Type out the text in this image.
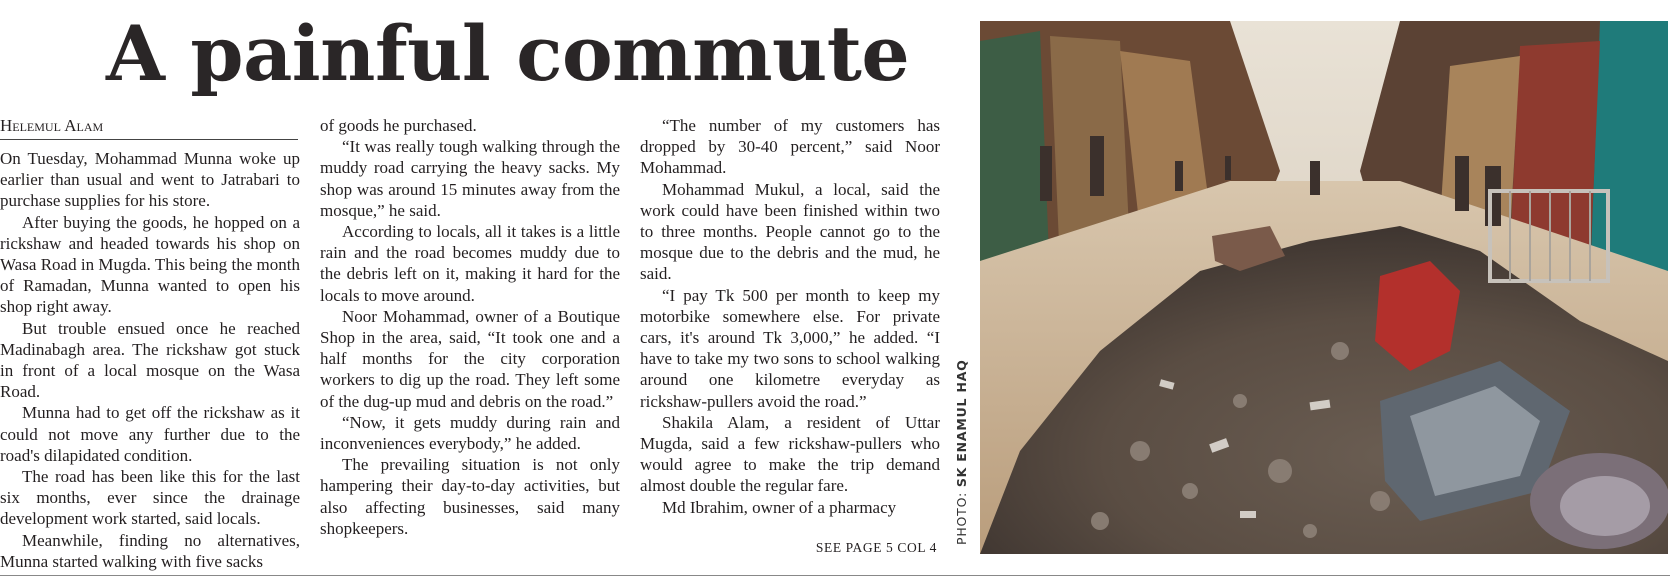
A painful commute
Helemul Alam

On Tuesday, Mohammad Munna woke up earlier than usual and went to Jatrabari to purchase supplies for his store.

After buying the goods, he hopped on a rickshaw and headed towards his shop on Wasa Road in Mugda. This being the month of Ramadan, Munna wanted to open his shop right away.

But trouble ensued once he reached Madinabagh area. The rickshaw got stuck in front of a local mosque on the Wasa Road.

Munna had to get off the rickshaw as it could not move any further due to the road's dilapidated condition.

The road has been like this for the last six months, ever since the drainage development work started, said locals.

Meanwhile, finding no alternatives, Munna started walking with five sacks

of goods he purchased.

“It was really tough walking through the muddy road carrying the heavy sacks. My shop was around 15 minutes away from the mosque,” he said.

According to locals, all it takes is a little rain and the road becomes muddy due to the debris left on it, making it hard for the locals to move around.

Noor Mohammad, owner of a Boutique Shop in the area, said, “It took one and a half months for the city corporation workers to dig up the road. They left some of the dug-up mud and debris on the road.”

“Now, it gets muddy during rain and inconveniences everybody,” he added.

The prevailing situation is not only hampering their day-to-day activities, but also affecting businesses, said many shopkeepers.

“The number of my customers has dropped by 30-40 percent,” said Noor Mohammad.

Mohammad Mukul, a local, said the work could have been finished within two to three months. People cannot go to the mosque due to the debris and the mud, he said.

“I pay Tk 500 per month to keep my motorbike somewhere else. For private cars, it's around Tk 3,000,” he added. “I have to take my two sons to school walking around one kilometre everyday as rickshaw-pullers avoid the road.”

Shakila Alam, a resident of Uttar Mugda, said a few rickshaw-pullers who would agree to make the trip demand almost double the regular fare.

Md Ibrahim, owner of a pharmacy

SEE PAGE 5 COL 4

PHOTO: SK ENAMUL HAQ
